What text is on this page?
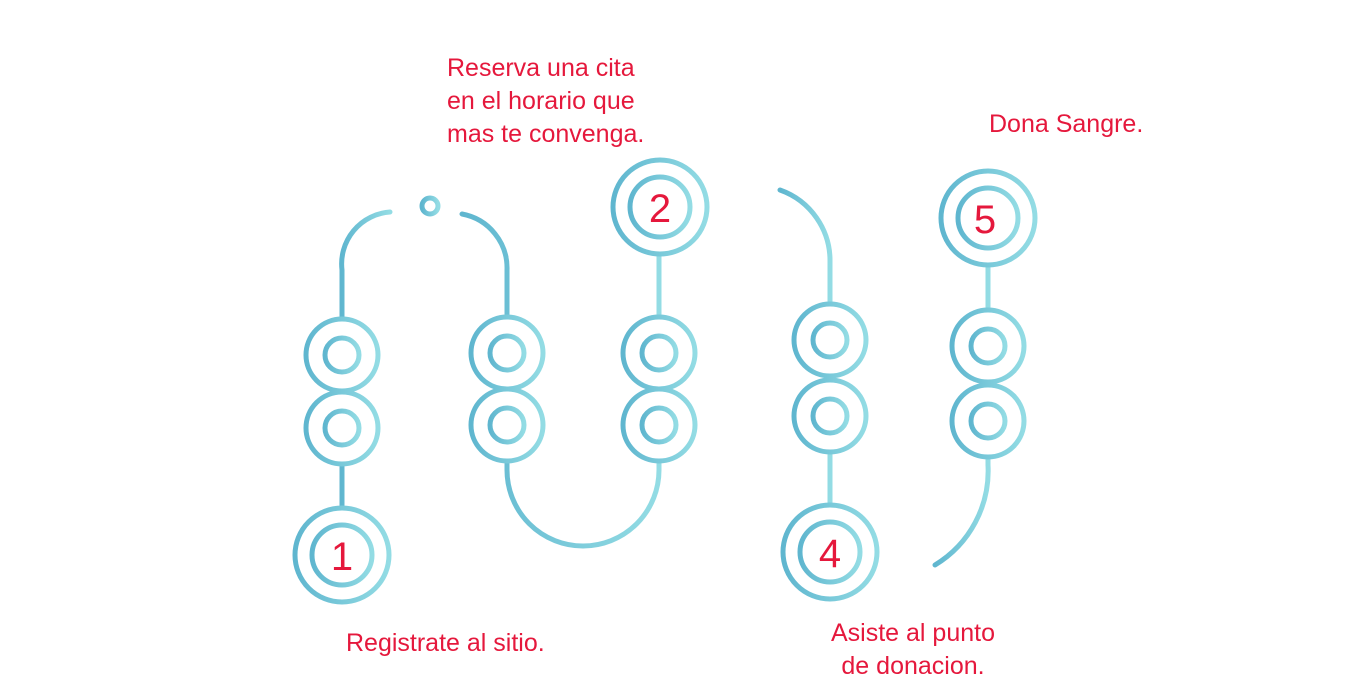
1
2
4
5
Registrate al sitio.
Reserva una cita
en el horario que
mas te convenga.
Asiste al punto
de donacion.
Dona Sangre.
